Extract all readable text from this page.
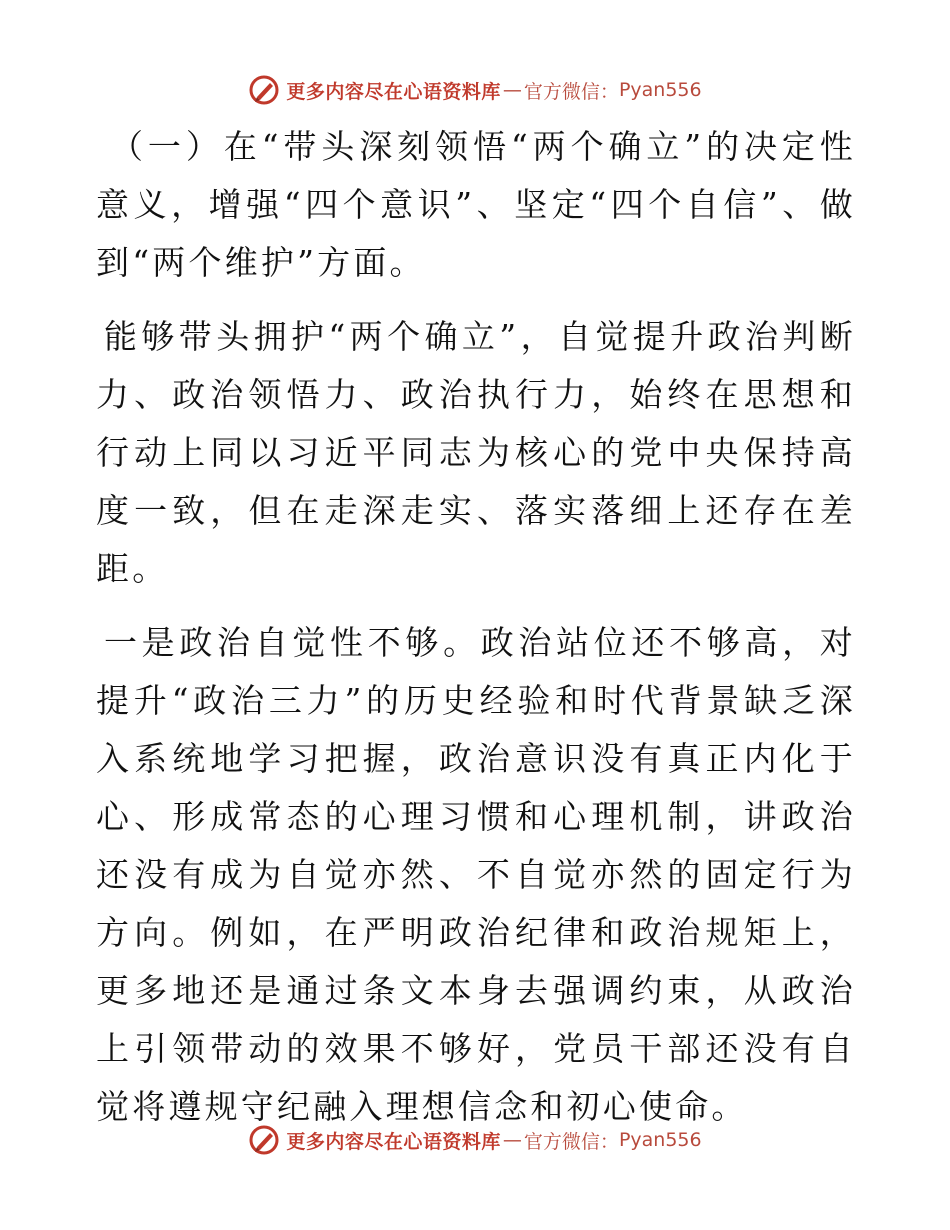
更多内容尽在心语资料库 — 官方微信： Pyan556

（一）在“带头深刻领悟“两个确立”的决定性意义，增强“四个意识”、坚定“四个自信”、做到“两个维护”方面。

能够带头拥护“两个确立”，自觉提升政治判断力、政治领悟力、政治执行力，始终在思想和行动上同以习近平同志为核心的党中央保持高度一致，但在走深走实、落实落细上还存在差距。

一是政治自觉性不够。政治站位还不够高，对提升“政治三力”的历史经验和时代背景缺乏深入系统地学习把握，政治意识没有真正内化于心、形成常态的心理习惯和心理机制，讲政治还没有成为自觉亦然、不自觉亦然的固定行为方向。例如，在严明政治纪律和政治规矩上，更多地还是通过条文本身去强调约束，从政治上引领带动的效果不够好，党员干部还没有自觉将遵规守纪融入理想信念和初心使命。

更多内容尽在心语资料库 — 官方微信： Pyan556
